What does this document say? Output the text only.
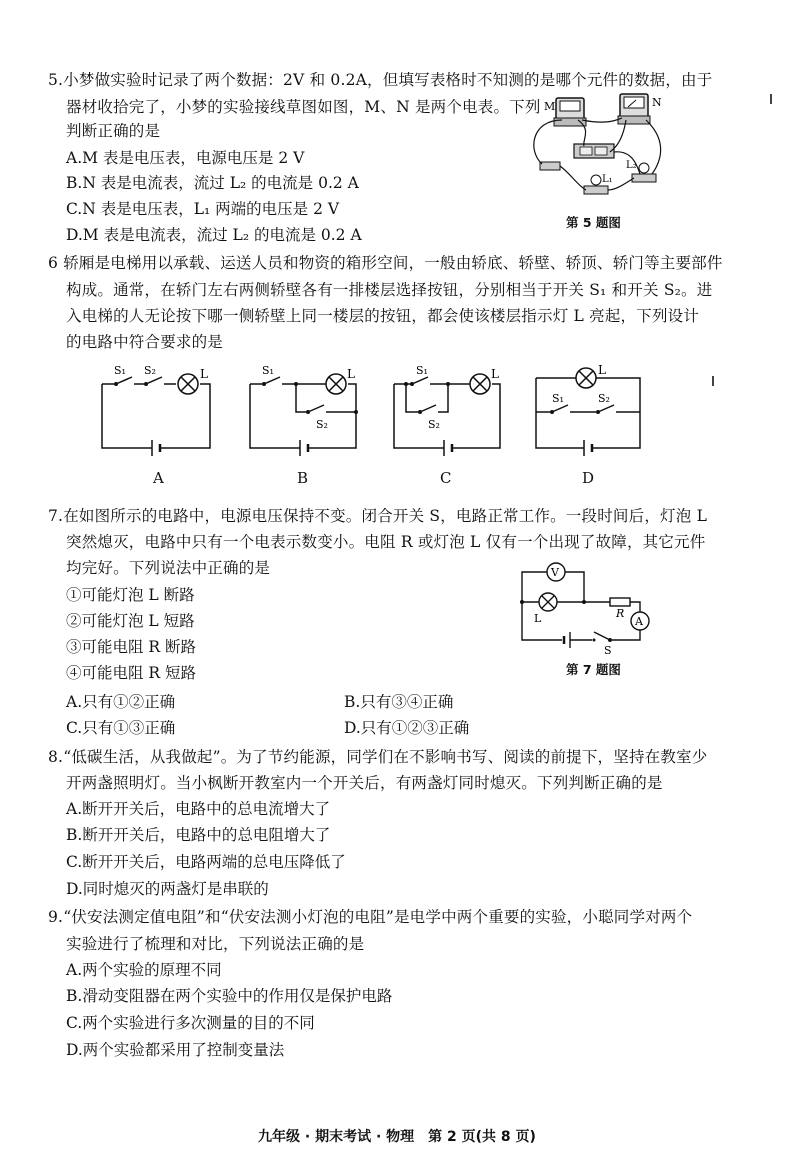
5.小梦做实验时记录了两个数据：2V 和 0.2A，但填写表格时不知测的是哪个元件的数据，由于
器材收拾完了，小梦的实验接线草图如图，M、N 是两个电表。下列
判断正确的是
A.M 表是电压表，电源电压是 2 V
B.N 表是电流表，流过 L₂ 的电流是 0.2 A
C.N 表是电压表，L₁ 两端的电压是 2 V
D.M 表是电流表，流过 L₂ 的电流是 0.2 A
M	N
L₁
L₂
第 5 题图
6 轿厢是电梯用以承载、运送人员和物资的箱形空间，一般由轿底、轿壁、轿顶、轿门等主要部件
构成。通常，在轿门左右两侧轿壁各有一排楼层选择按钮，分别相当于开关 S₁ 和开关 S₂。进
入电梯的人无论按下哪一侧轿壁上同一楼层的按钮，都会使该楼层指示灯 L 亮起，下列设计
的电路中符合要求的是
S₁ S₂	L
A
S₁
S₂
L
B
S₁
S₂
L
C
S₁	S₂
L
D
7.在如图所示的电路中，电源电压保持不变。闭合开关 S，电路正常工作。一段时间后，灯泡 L
突然熄灭，电路中只有一个电表示数变小。电阻 R 或灯泡 L 仅有一个出现了故障，其它元件
均完好。下列说法中正确的是
①可能灯泡 L 断路
②可能灯泡 L 短路
③可能电阻 R 断路
④可能电阻 R 短路
A.只有①②正确	B.只有③④正确
C.只有①③正确	D.只有①②③正确
V
L	R
A
S
第 7 题图
8.“低碳生活，从我做起”。为了节约能源，同学们在不影响书写、阅读的前提下，坚持在教室少
开两盏照明灯。当小枫断开教室内一个开关后，有两盏灯同时熄灭。下列判断正确的是
A.断开开关后，电路中的总电流增大了
B.断开开关后，电路中的总电阻增大了
C.断开开关后，电路两端的总电压降低了
D.同时熄灭的两盏灯是串联的
9.“伏安法测定值电阻”和“伏安法测小灯泡的电阻”是电学中两个重要的实验，小聪同学对两个
实验进行了梳理和对比，下列说法正确的是
A.两个实验的原理不同
B.滑动变阻器在两个实验中的作用仅是保护电路
C.两个实验进行多次测量的目的不同
D.两个实验都采用了控制变量法
九年级 · 期末考试 · 物理　第 2 页(共 8 页)
